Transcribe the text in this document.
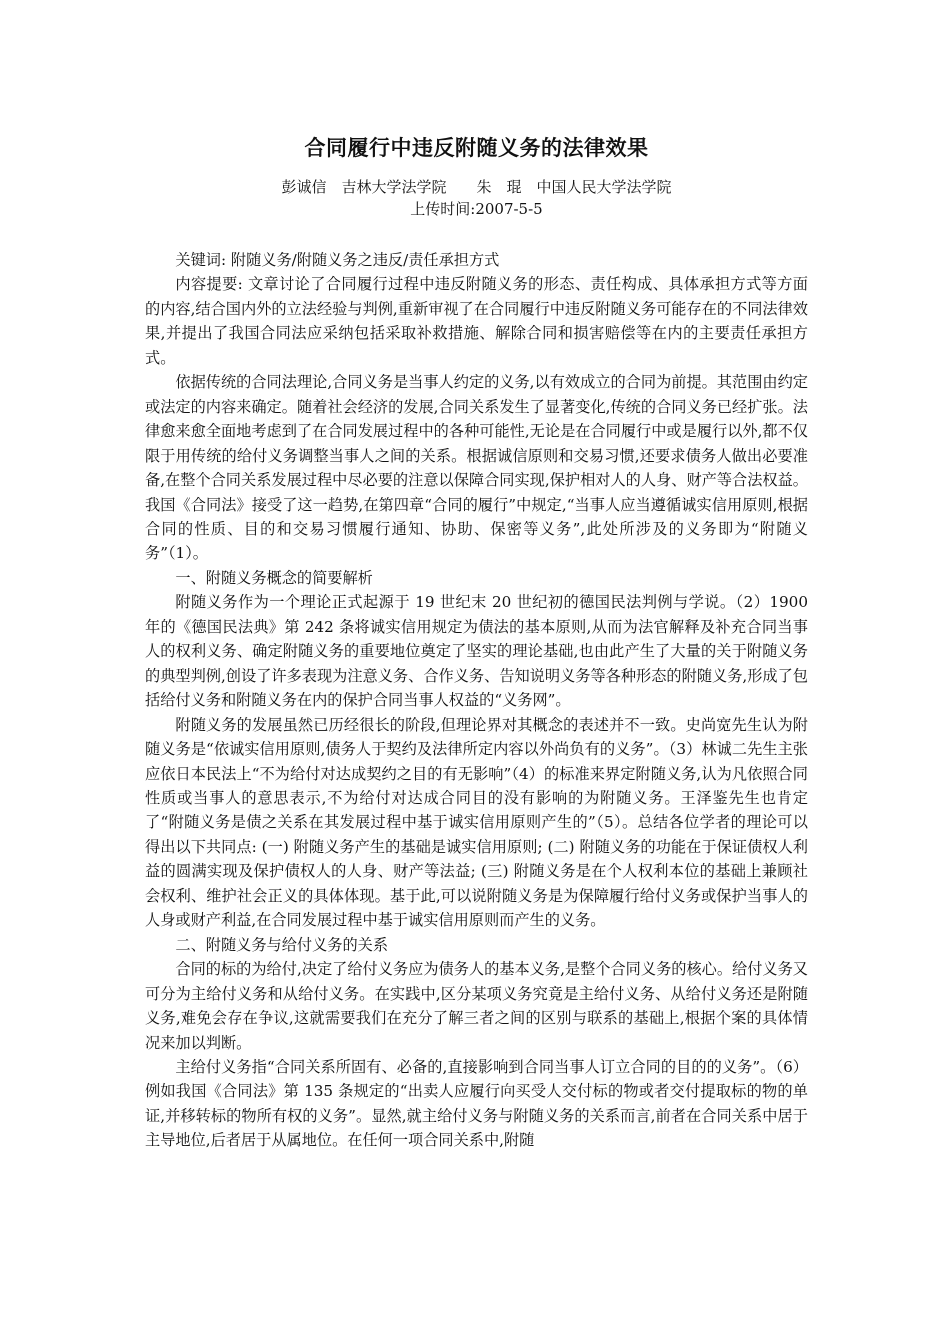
合同履行中违反附随义务的法律效果
彭诚信　吉林大学法学院　　朱　琨　中国人民大学法学院
上传时间:2007-5-5

关键词: 附随义务/附随义务之违反/责任承担方式

内容提要: 文章讨论了合同履行过程中违反附随义务的形态、责任构成、具体承担方式等方面的内容,结合国内外的立法经验与判例,重新审视了在合同履行中违反附随义务可能存在的不同法律效果,并提出了我国合同法应采纳包括采取补救措施、解除合同和损害赔偿等在内的主要责任承担方式。

依据传统的合同法理论,合同义务是当事人约定的义务,以有效成立的合同为前提。其范围由约定或法定的内容来确定。随着社会经济的发展,合同关系发生了显著变化,传统的合同义务已经扩张。法律愈来愈全面地考虑到了在合同发展过程中的各种可能性,无论是在合同履行中或是履行以外,都不仅限于用传统的给付义务调整当事人之间的关系。根据诚信原则和交易习惯,还要求债务人做出必要准备,在整个合同关系发展过程中尽必要的注意以保障合同实现,保护相对人的人身、财产等合法权益。我国《合同法》接受了这一趋势,在第四章“合同的履行”中规定,“当事人应当遵循诚实信用原则,根据合同的性质、目的和交易习惯履行通知、协助、保密等义务”,此处所涉及的义务即为“附随义务”（1）。

一、附随义务概念的简要解析

附随义务作为一个理论正式起源于 19 世纪末 20 世纪初的德国民法判例与学说。（2）1900 年的《德国民法典》第 242 条将诚实信用规定为债法的基本原则,从而为法官解释及补充合同当事人的权利义务、确定附随义务的重要地位奠定了坚实的理论基础,也由此产生了大量的关于附随义务的典型判例,创设了许多表现为注意义务、合作义务、告知说明义务等各种形态的附随义务,形成了包括给付义务和附随义务在内的保护合同当事人权益的“义务网”。

附随义务的发展虽然已历经很长的阶段,但理论界对其概念的表述并不一致。史尚宽先生认为附随义务是“依诚实信用原则,债务人于契约及法律所定内容以外尚负有的义务”。（3）林诚二先生主张应依日本民法上“不为给付对达成契约之目的有无影响”（4）的标准来界定附随义务,认为凡依照合同性质或当事人的意思表示,不为给付对达成合同目的没有影响的为附随义务。王泽鉴先生也肯定了“附随义务是债之关系在其发展过程中基于诚实信用原则产生的”（5）。总结各位学者的理论可以得出以下共同点: (一) 附随义务产生的基础是诚实信用原则; (二) 附随义务的功能在于保证债权人利益的圆满实现及保护债权人的人身、财产等法益; (三) 附随义务是在个人权利本位的基础上兼顾社会权利、维护社会正义的具体体现。基于此,可以说附随义务是为保障履行给付义务或保护当事人的人身或财产利益,在合同发展过程中基于诚实信用原则而产生的义务。

二、附随义务与给付义务的关系

合同的标的为给付,决定了给付义务应为债务人的基本义务,是整个合同义务的核心。给付义务又可分为主给付义务和从给付义务。在实践中,区分某项义务究竟是主给付义务、从给付义务还是附随义务,难免会存在争议,这就需要我们在充分了解三者之间的区别与联系的基础上,根据个案的具体情况来加以判断。

主给付义务指“合同关系所固有、必备的,直接影响到合同当事人订立合同的目的的义务”。（6）例如我国《合同法》第 135 条规定的“出卖人应履行向买受人交付标的物或者交付提取标的物的单证,并移转标的物所有权的义务”。显然,就主给付义务与附随义务的关系而言,前者在合同关系中居于主导地位,后者居于从属地位。在任何一项合同关系中,附随
